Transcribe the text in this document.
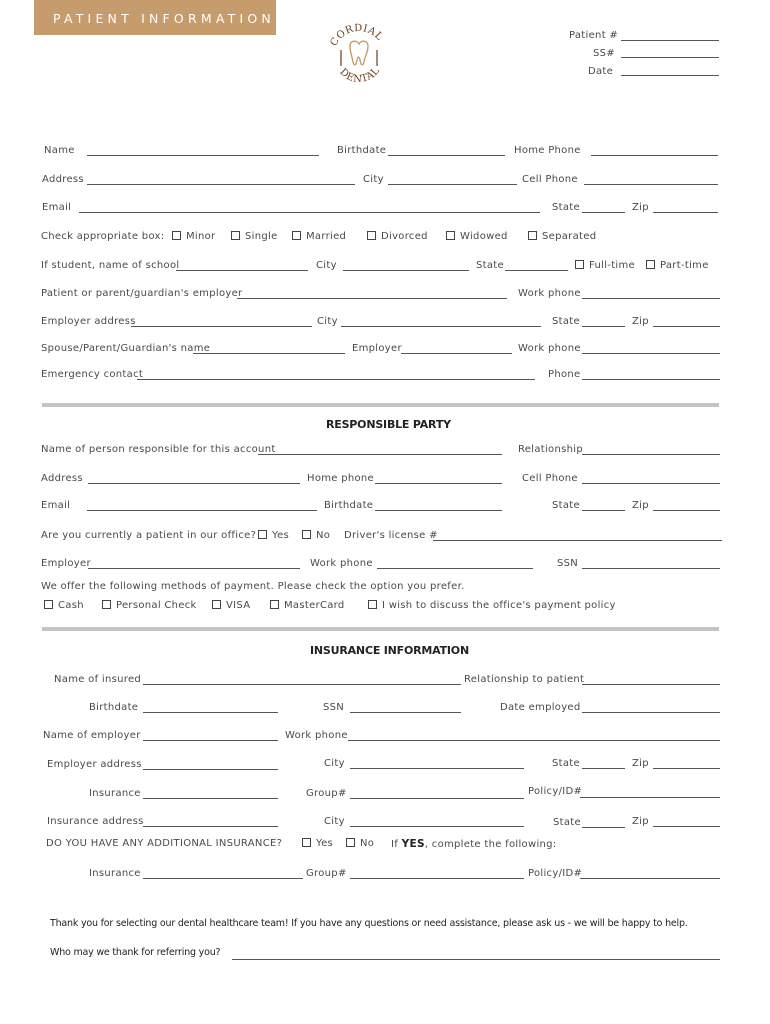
PATIENT INFORMATION
CORDIAL
DENTAL
Patient #
SS#
Date
Name	Birthdate	Home Phone
Address	City	Cell Phone
Email	State	Zip
Check appropriate box:	Minor	Single	Married	Divorced	Widowed	Separated
If student, name of school	City	State	Full-time	Part-time
Patient or parent/guardian's employer	Work phone
Employer address	City	State	Zip
Spouse/Parent/Guardian's name	Employer	Work phone
Emergency contact	Phone
RESPONSIBLE PARTY
Name of person responsible for this account	Relationship
Address	Home phone	Cell Phone
Email	Birthdate	State	Zip
Are you currently a patient in our office?	Yes	No Driver's license #
Employer	Work phone	SSN
We offer the following methods of payment. Please check the option you prefer.
Cash	Personal Check	VISA	MasterCard	I wish to discuss the office's payment policy
INSURANCE INFORMATION
Name of insured	Relationship to patient
Birthdate	SSN	Date employed
Name of employer	Work phone
Employer address	City	State	Zip
Insurance	Group#	Policy/ID#
Insurance address	City	State	Zip
DO YOU HAVE ANY ADDITIONAL INSURANCE?	Yes	No If YES, complete the following:
Insurance	Group#	Policy/ID#
Thank you for selecting our dental healthcare team! If you have any questions or need assistance, please ask us - we will be happy to help.
Who may we thank for referring you?
